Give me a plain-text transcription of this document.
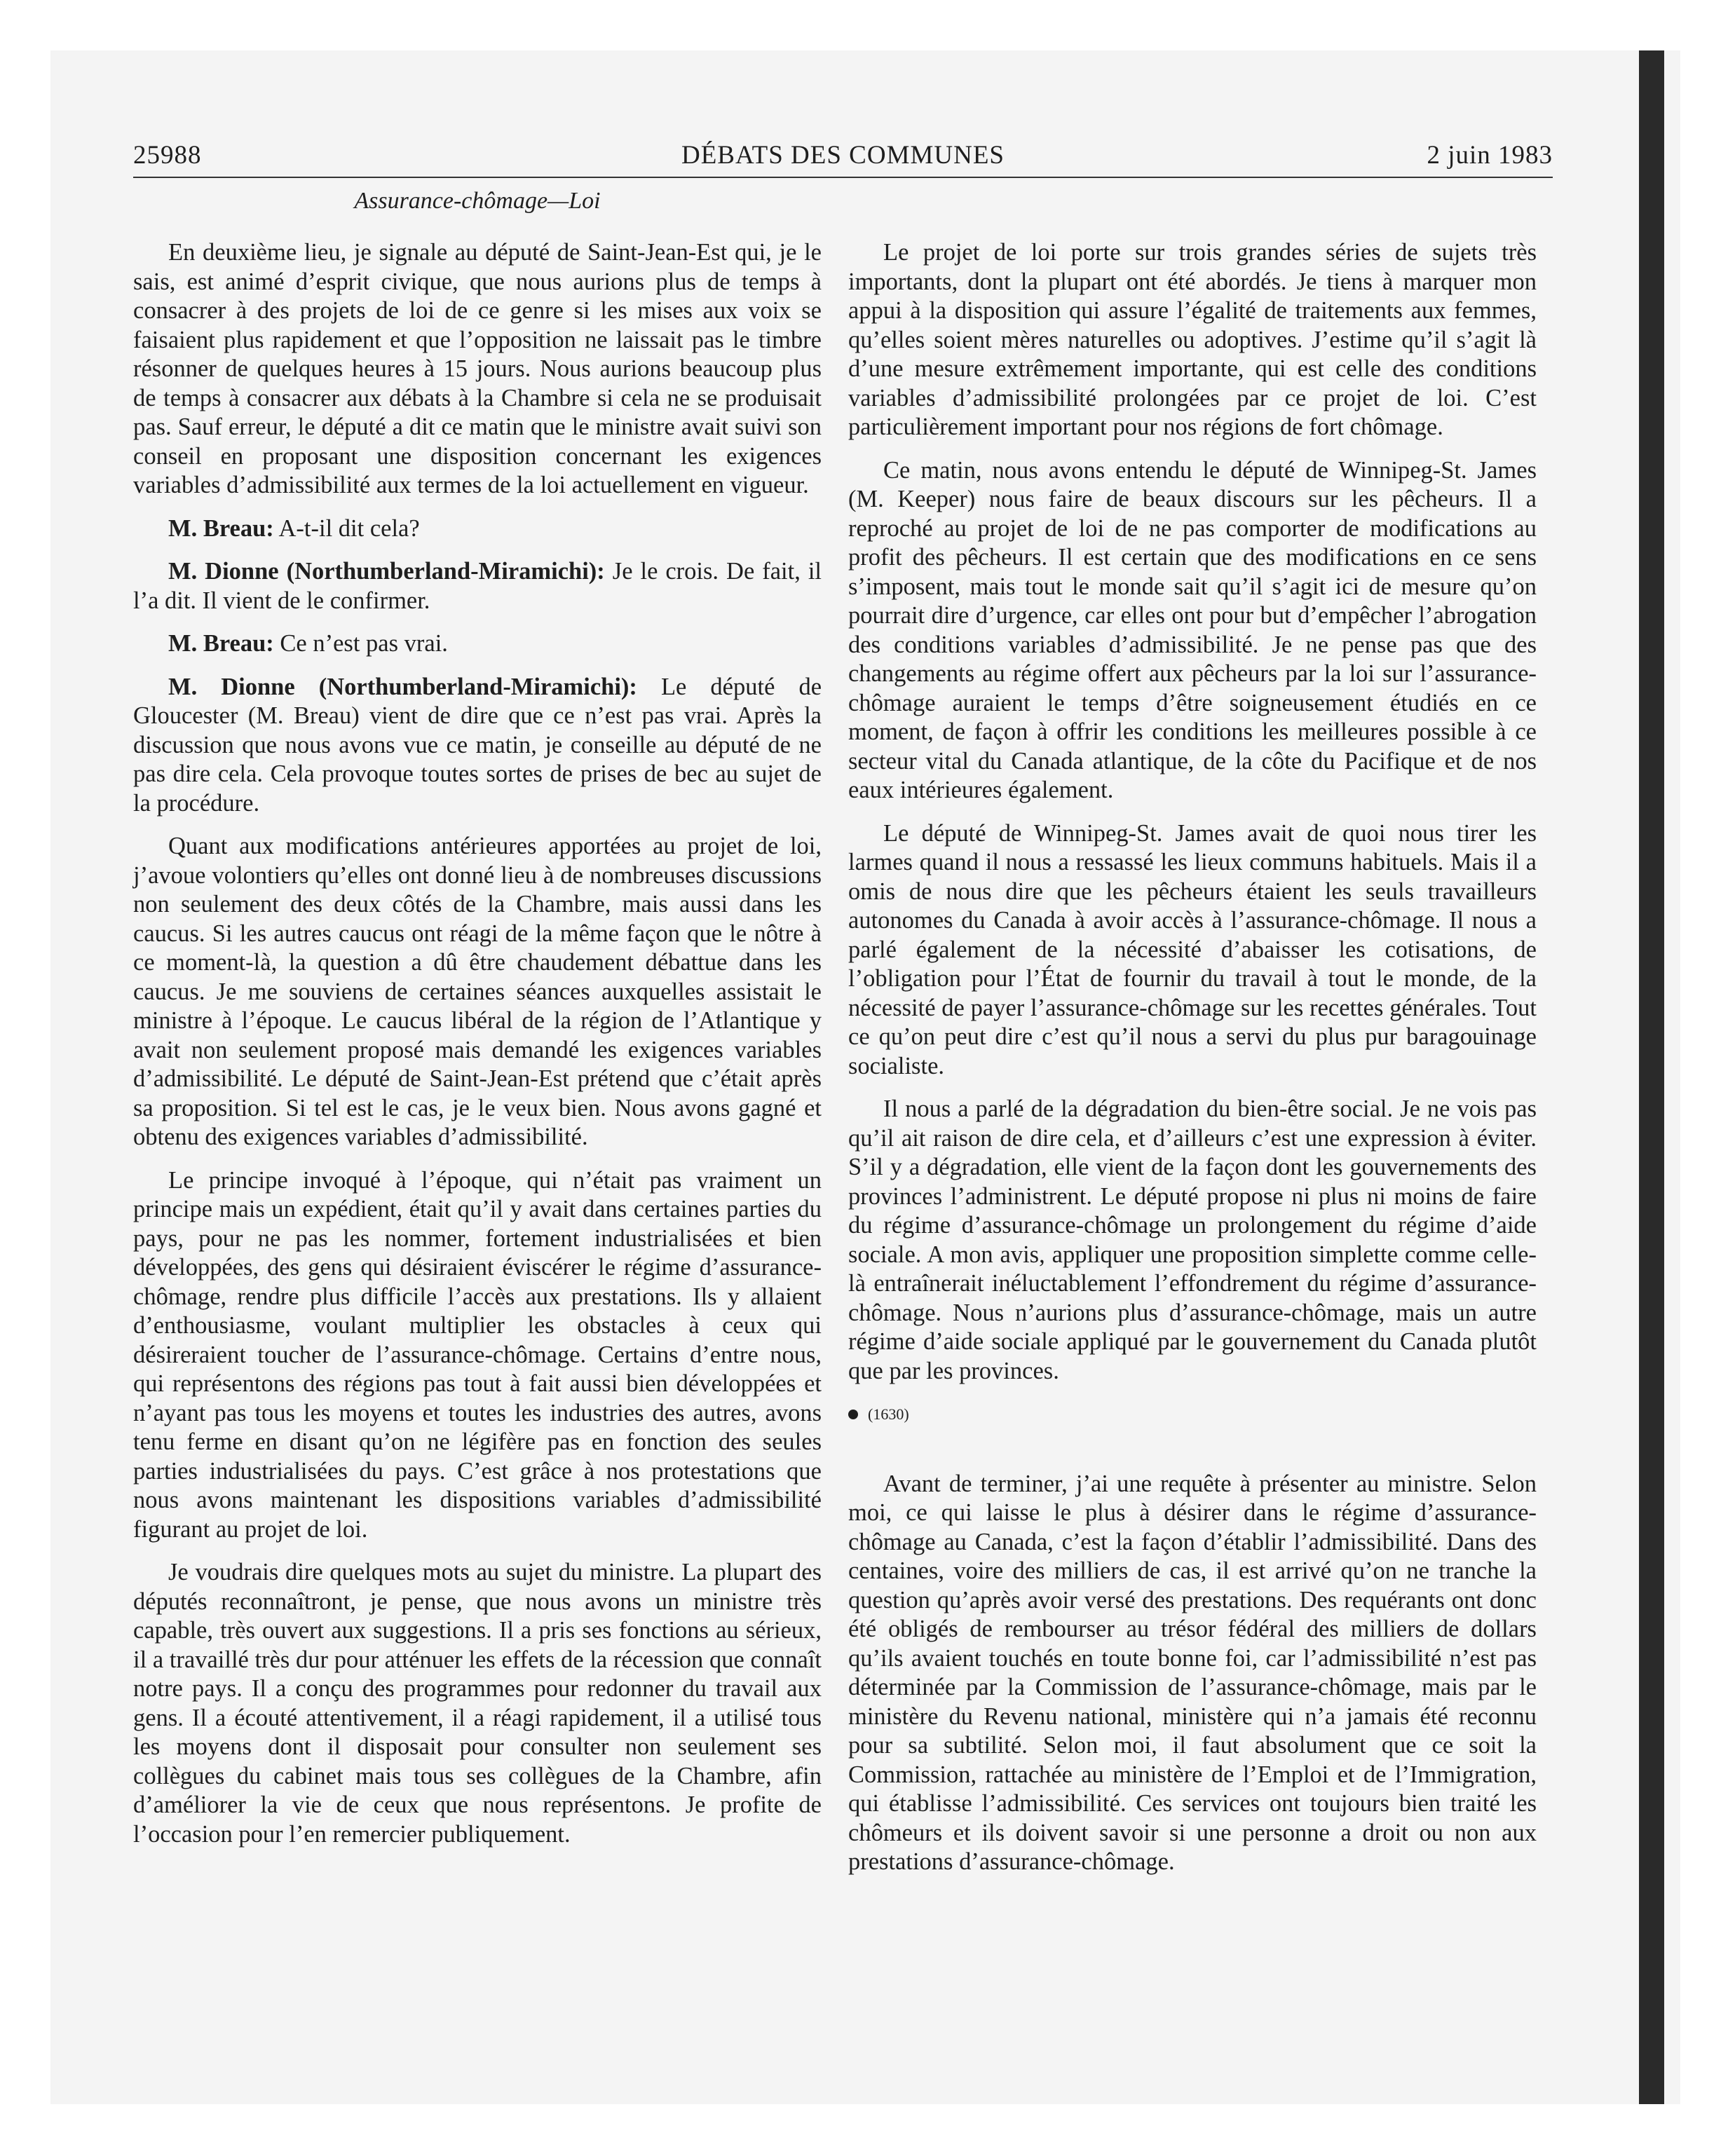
25988	DÉBATS DES COMMUNES	2 juin 1983
Assurance-chômage—Loi

En deuxième lieu, je signale au député de Saint-Jean-Est qui, je le sais, est animé d’esprit civique, que nous aurions plus de temps à consacrer à des projets de loi de ce genre si les mises aux voix se faisaient plus rapidement et que l’opposition ne laissait pas le timbre résonner de quelques heures à 15 jours. Nous aurions beaucoup plus de temps à consacrer aux débats à la Chambre si cela ne se produisait pas. Sauf erreur, le député a dit ce matin que le ministre avait suivi son conseil en proposant une disposition concernant les exigences variables d’admissibilité aux termes de la loi actuellement en vigueur.

M. Breau: A-t-il dit cela?

M. Dionne (Northumberland-Miramichi): Je le crois. De fait, il l’a dit. Il vient de le confirmer.

M. Breau: Ce n’est pas vrai.

M. Dionne (Northumberland-Miramichi): Le député de Gloucester (M. Breau) vient de dire que ce n’est pas vrai. Après la discussion que nous avons vue ce matin, je conseille au député de ne pas dire cela. Cela provoque toutes sortes de prises de bec au sujet de la procédure.

Quant aux modifications antérieures apportées au projet de loi, j’avoue volontiers qu’elles ont donné lieu à de nombreuses discussions non seulement des deux côtés de la Chambre, mais aussi dans les caucus. Si les autres caucus ont réagi de la même façon que le nôtre à ce moment-là, la question a dû être chaudement débattue dans les caucus. Je me souviens de certaines séances auxquelles assistait le ministre à l’époque. Le caucus libéral de la région de l’Atlantique y avait non seulement proposé mais demandé les exigences variables d’admissibilité. Le député de Saint-Jean-Est prétend que c’était après sa proposition. Si tel est le cas, je le veux bien. Nous avons gagné et obtenu des exigences variables d’admissibilité.

Le principe invoqué à l’époque, qui n’était pas vraiment un principe mais un expédient, était qu’il y avait dans certaines parties du pays, pour ne pas les nommer, fortement industrialisées et bien développées, des gens qui désiraient éviscérer le régime d’assurance-chômage, rendre plus difficile l’accès aux prestations. Ils y allaient d’enthousiasme, voulant multiplier les obstacles à ceux qui désireraient toucher de l’assurance-chômage. Certains d’entre nous, qui représentons des régions pas tout à fait aussi bien développées et n’ayant pas tous les moyens et toutes les industries des autres, avons tenu ferme en disant qu’on ne légifère pas en fonction des seules parties industrialisées du pays. C’est grâce à nos protestations que nous avons maintenant les dispositions variables d’admissibilité figurant au projet de loi.

Je voudrais dire quelques mots au sujet du ministre. La plupart des députés reconnaîtront, je pense, que nous avons un ministre très capable, très ouvert aux suggestions. Il a pris ses fonctions au sérieux, il a travaillé très dur pour atténuer les effets de la récession que connaît notre pays. Il a conçu des programmes pour redonner du travail aux gens. Il a écouté attentivement, il a réagi rapidement, il a utilisé tous les moyens dont il disposait pour consulter non seulement ses collègues du cabinet mais tous ses collègues de la Chambre, afin d’améliorer la vie de ceux que nous représentons. Je profite de l’occasion pour l’en remercier publiquement.

Le projet de loi porte sur trois grandes séries de sujets très importants, dont la plupart ont été abordés. Je tiens à marquer mon appui à la disposition qui assure l’égalité de traitements aux femmes, qu’elles soient mères naturelles ou adoptives. J’estime qu’il s’agit là d’une mesure extrêmement importante, qui est celle des conditions variables d’admissibilité prolongées par ce projet de loi. C’est particulièrement important pour nos régions de fort chômage.

Ce matin, nous avons entendu le député de Winnipeg-St. James (M. Keeper) nous faire de beaux discours sur les pêcheurs. Il a reproché au projet de loi de ne pas comporter de modifications au profit des pêcheurs. Il est certain que des modifications en ce sens s’imposent, mais tout le monde sait qu’il s’agit ici de mesure qu’on pourrait dire d’urgence, car elles ont pour but d’empêcher l’abrogation des conditions variables d’admissibilité. Je ne pense pas que des changements au régime offert aux pêcheurs par la loi sur l’assurance-chômage auraient le temps d’être soigneusement étudiés en ce moment, de façon à offrir les conditions les meilleures possible à ce secteur vital du Canada atlantique, de la côte du Pacifique et de nos eaux intérieures également.

Le député de Winnipeg-St. James avait de quoi nous tirer les larmes quand il nous a ressassé les lieux communs habituels. Mais il a omis de nous dire que les pêcheurs étaient les seuls travailleurs autonomes du Canada à avoir accès à l’assurance-chômage. Il nous a parlé également de la nécessité d’abaisser les cotisations, de l’obligation pour l’État de fournir du travail à tout le monde, de la nécessité de payer l’assurance-chômage sur les recettes générales. Tout ce qu’on peut dire c’est qu’il nous a servi du plus pur baragouinage socialiste.

Il nous a parlé de la dégradation du bien-être social. Je ne vois pas qu’il ait raison de dire cela, et d’ailleurs c’est une expression à éviter. S’il y a dégradation, elle vient de la façon dont les gouvernements des provinces l’administrent. Le député propose ni plus ni moins de faire du régime d’assurance-chômage un prolongement du régime d’aide sociale. A mon avis, appliquer une proposition simplette comme celle-là entraînerait inéluctablement l’effondrement du régime d’assurance-chômage. Nous n’aurions plus d’assurance-chômage, mais un autre régime d’aide sociale appliqué par le gouvernement du Canada plutôt que par les provinces.

(1630)

Avant de terminer, j’ai une requête à présenter au ministre. Selon moi, ce qui laisse le plus à désirer dans le régime d’assurance-chômage au Canada, c’est la façon d’établir l’admissibilité. Dans des centaines, voire des milliers de cas, il est arrivé qu’on ne tranche la question qu’après avoir versé des prestations. Des requérants ont donc été obligés de rembourser au trésor fédéral des milliers de dollars qu’ils avaient touchés en toute bonne foi, car l’admissibilité n’est pas déterminée par la Commission de l’assurance-chômage, mais par le ministère du Revenu national, ministère qui n’a jamais été reconnu pour sa subtilité. Selon moi, il faut absolument que ce soit la Commission, rattachée au ministère de l’Emploi et de l’Immigration, qui établisse l’admissibilité. Ces services ont toujours bien traité les chômeurs et ils doivent savoir si une personne a droit ou non aux prestations d’assurance-chômage.
